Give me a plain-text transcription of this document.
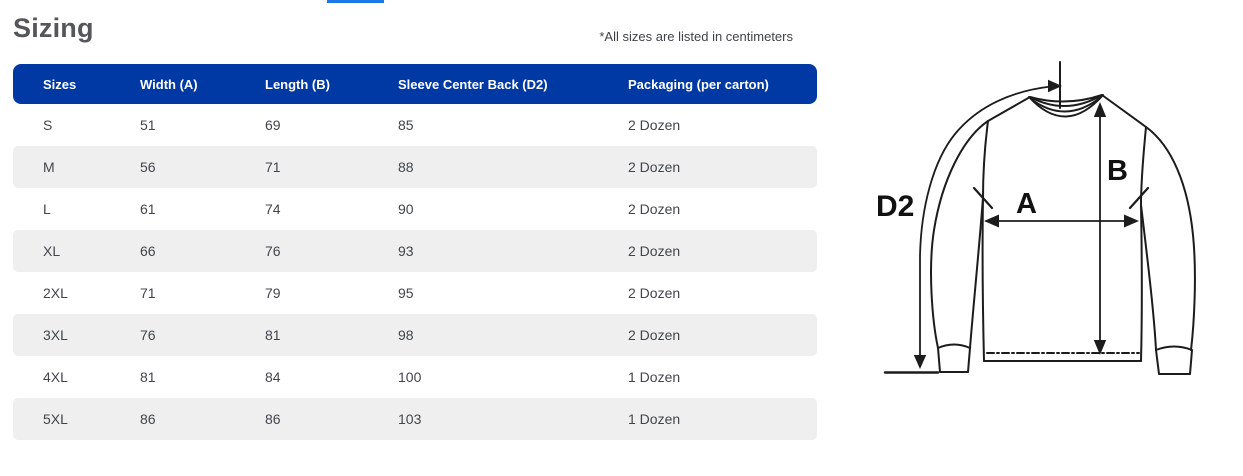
Sizing	*All sizes are listed in centimeters
Sizes	Width (A)	Length (B)	Sleeve Center Back (D2)	Packaging (per carton)
S	51	69	85	2 Dozen
M	56	71	88	2 Dozen
L	61	74	90	2 Dozen
XL	66	76	93	2 Dozen
2XL	71	79	95	2 Dozen
3XL	76	81	98	2 Dozen
4XL	81	84	100	1 Dozen
5XL	86	86	103	1 Dozen
D2	A
B
